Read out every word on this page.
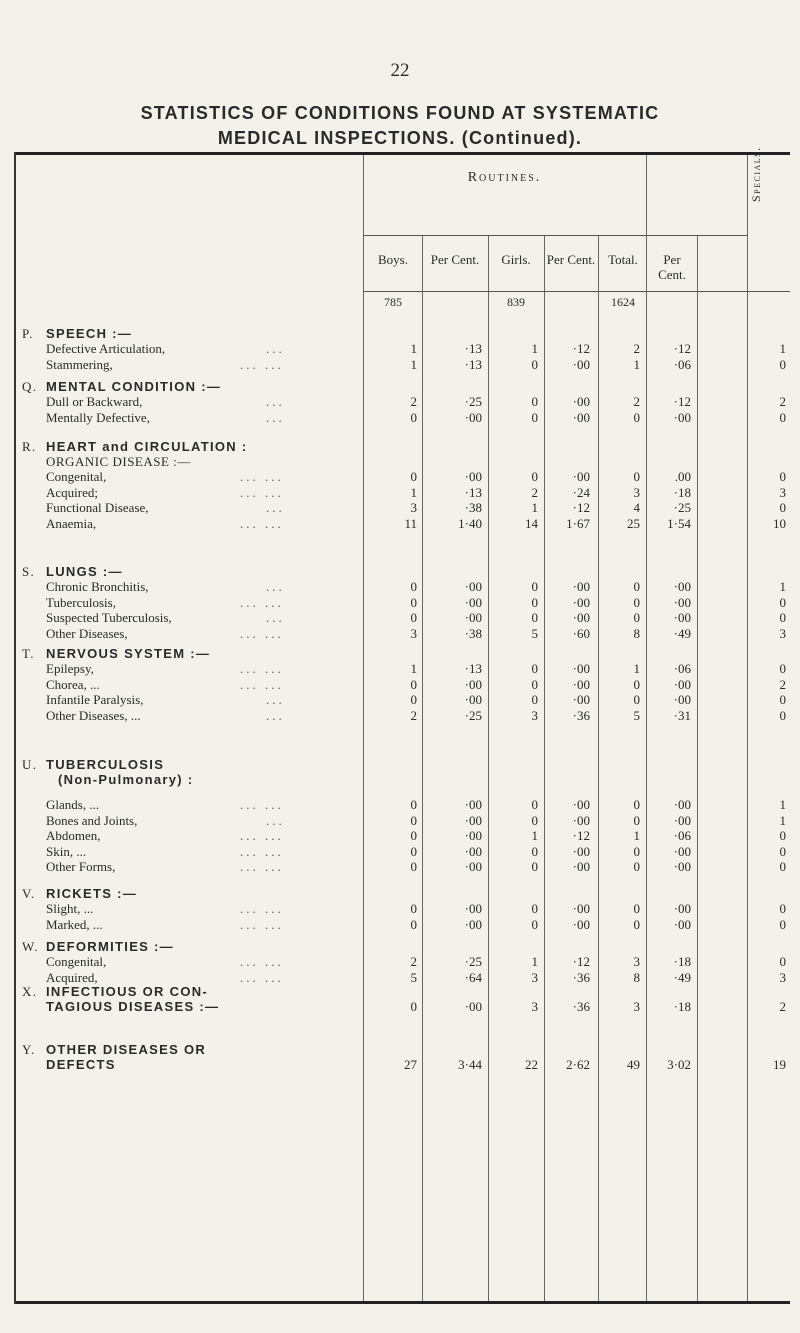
22
STATISTICS OF CONDITIONS FOUND AT SYSTEMATIC
MEDICAL INSPECTIONS. (Continued).
Routines.	Specials.
Boys.	Per Cent.	Girls.	Per Cent. Total.	Per Cent.
785	839	1624
P. SPEECH :—
Defective Articulation,	...	1	·13	1	·12	2	·12	1
Stammering,	... ...	1	·13	0	·00	1	·06	0
Q. MENTAL CONDITION :—
Dull or Backward,	...	2	·25	0	·00	2	·12	2
Mentally Defective,	...	0	·00	0	·00	0	·00	0
R. HEART and CIRCULATION :
ORGANIC DISEASE :—
Congenital,	... ...	0	·00	0	·00	0	.00	0
Acquired;	... ...	1	·13	2	·24	3	·18	3
Functional Disease,	...	3	·38	1	·12	4	·25	0
Anaemia,	... ...	11	1·40	14	1·67	25	1·54	10
S. LUNGS :—
Chronic Bronchitis,	...	0	·00	0	·00	0	·00	1
Tuberculosis,	... ...	0	·00	0	·00	0	·00	0
Suspected Tuberculosis,	...	0	·00	0	·00	0	·00	0
Other Diseases,	... ...	3	·38	5	·60	8	·49	3
T. NERVOUS SYSTEM :—
Epilepsy,	... ...	1	·13	0	·00	1	·06	0
Chorea, ...	... ...	0	·00	0	·00	0	·00	2
Infantile Paralysis,	...	0	·00	0	·00	0	·00	0
Other Diseases, ...	...	2	·25	3	·36	5	·31	0
U. TUBERCULOSIS
(Non-Pulmonary) :
Glands, ...	... ...	0	·00	0	·00	0	·00	1
Bones and Joints,	...	0	·00	0	·00	0	·00	1
Abdomen,	... ...	0	·00	1	·12	1	·06	0
Skin, ...	... ...	0	·00	0	·00	0	·00	0
Other Forms,	... ...	0	·00	0	·00	0	·00	0
V. RICKETS :—
Slight, ...	... ...	0	·00	0	·00	0	·00	0
Marked, ...	... ...	0	·00	0	·00	0	·00	0
W. DEFORMITIES :—
Congenital,	... ...	2	·25	1	·12	3	·18	0
Acquired,	... ...	5	·64	3	·36	8	·49	3
X. INFECTIOUS OR CON-
TAGIOUS DISEASES :—	0	·00	3	·36	3	·18	2
Y. OTHER DISEASES OR
DEFECTS	27	3·44	22	2·62	49	3·02	19
